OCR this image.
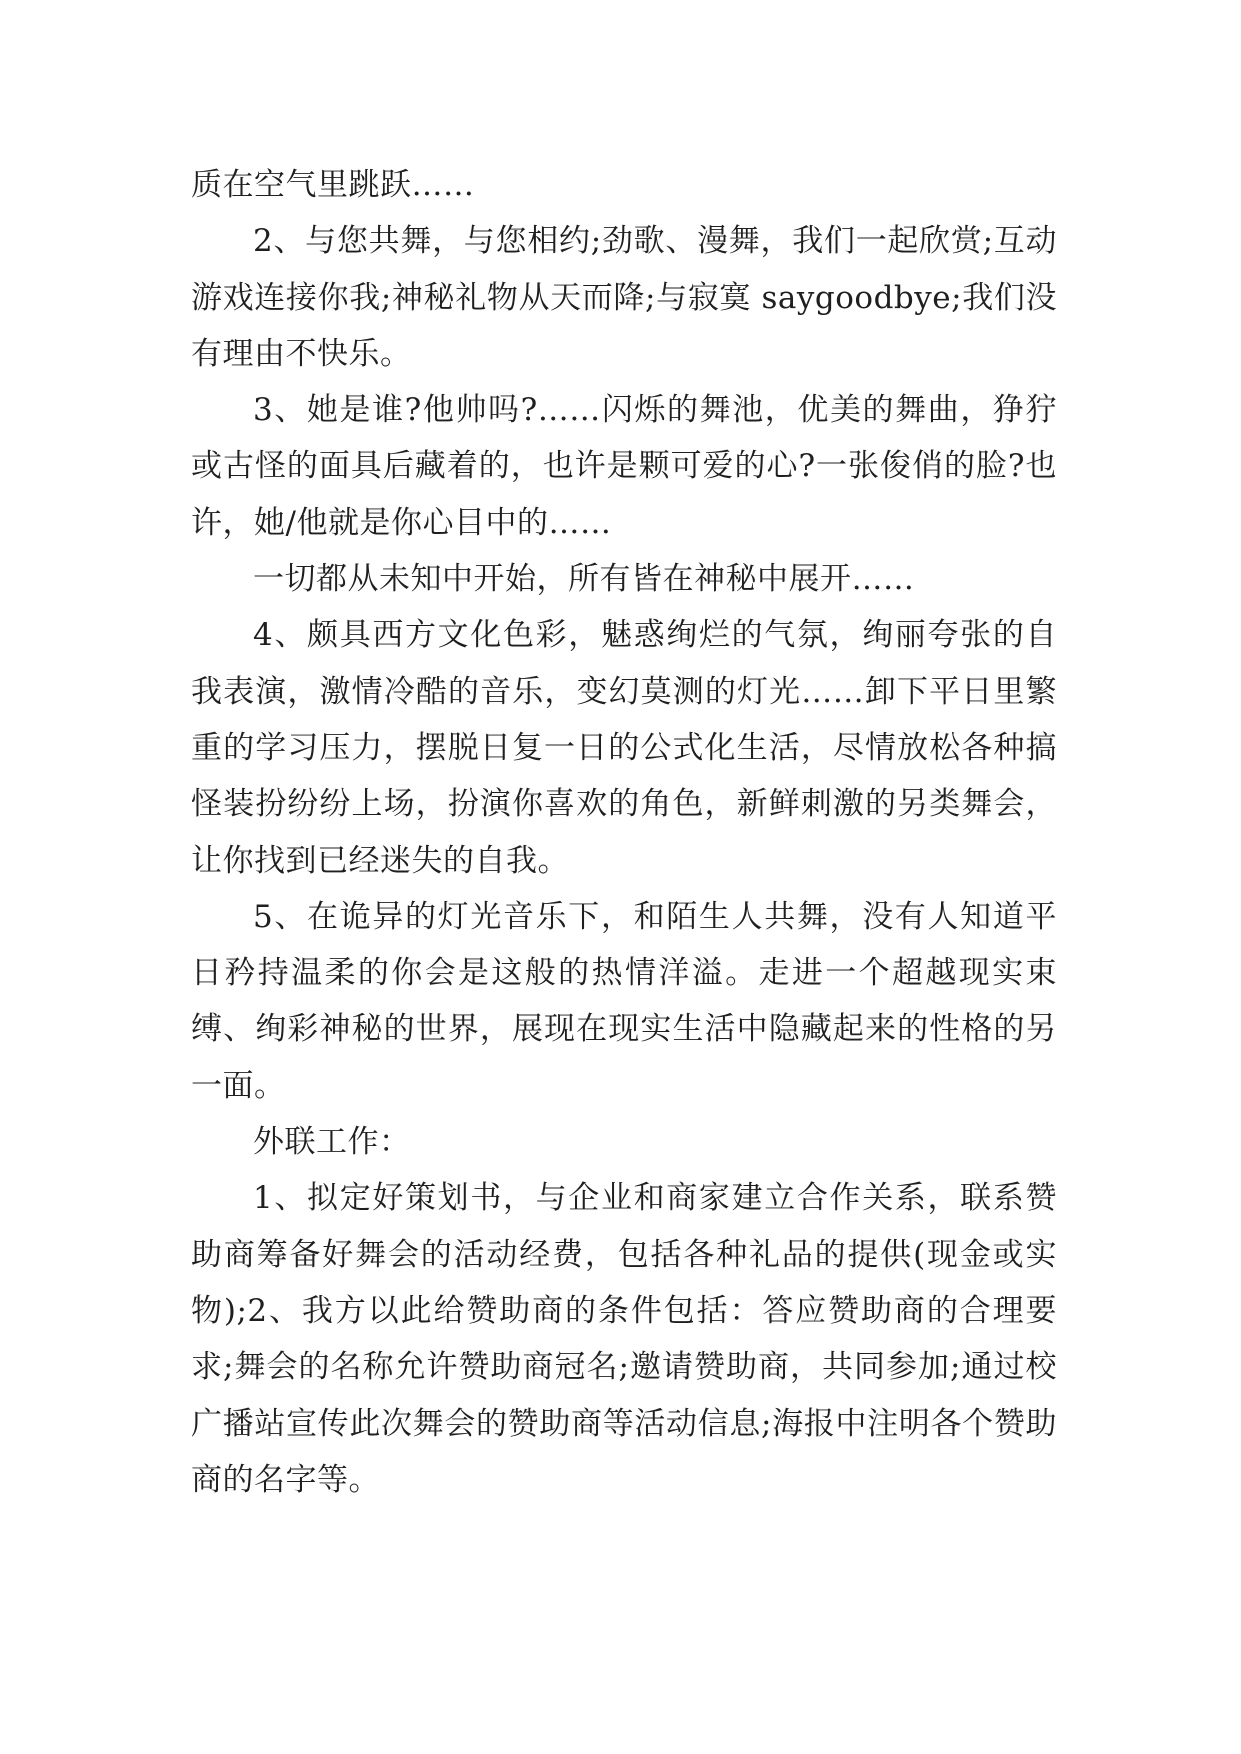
质在空气里跳跃……

2、与您共舞，与您相约;劲歌、漫舞，我们一起欣赏;互动游戏连接你我;神秘礼物从天而降;与寂寞 saygoodbye;我们没有理由不快乐。

3、她是谁?他帅吗?……闪烁的舞池，优美的舞曲，狰狞或古怪的面具后藏着的，也许是颗可爱的心?一张俊俏的脸?也许，她/他就是你心目中的……

一切都从未知中开始，所有皆在神秘中展开……

4、颇具西方文化色彩，魅惑绚烂的气氛，绚丽夸张的自我表演，激情冷酷的音乐，变幻莫测的灯光……卸下平日里繁重的学习压力，摆脱日复一日的公式化生活，尽情放松各种搞怪装扮纷纷上场，扮演你喜欢的角色，新鲜刺激的另类舞会，让你找到已经迷失的自我。

5、在诡异的灯光音乐下，和陌生人共舞，没有人知道平日矜持温柔的你会是这般的热情洋溢。走进一个超越现实束缚、绚彩神秘的世界，展现在现实生活中隐藏起来的性格的另一面。

外联工作：

1、拟定好策划书，与企业和商家建立合作关系，联系赞助商筹备好舞会的活动经费，包括各种礼品的提供(现金或实物);2、我方以此给赞助商的条件包括：答应赞助商的合理要求;舞会的名称允许赞助商冠名;邀请赞助商，共同参加;通过校广播站宣传此次舞会的赞助商等活动信息;海报中注明各个赞助商的名字等。
